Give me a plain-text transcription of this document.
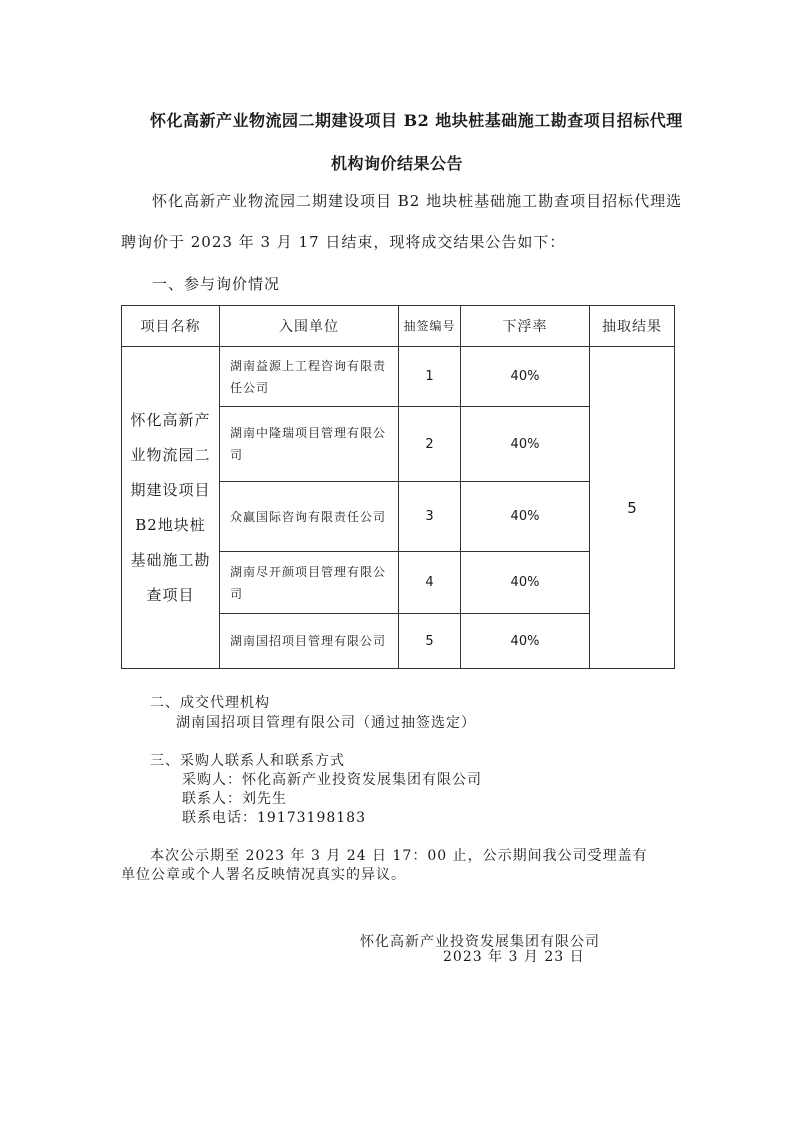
怀化高新产业物流园二期建设项目 B2 地块桩基础施工勘查项目招标代理
机构询价结果公告
怀化高新产业物流园二期建设项目 B2 地块桩基础施工勘查项目招标代理选
聘询价于 2023 年 3 月 17 日结束，现将成交结果公告如下：
一、参与询价情况
项目名称	入围单位	抽签编号	下浮率	抽取结果
怀化高新产业物流园二期建设项目B2地块桩基础施工勘查项目	湖南益源上工程咨询有限责任公司	1	40%	5
	湖南中隆瑞项目管理有限公司	2	40%	
	众赢国际咨询有限责任公司	3	40%	
	湖南尽开颜项目管理有限公司	4	40%	
	湖南国招项目管理有限公司	5	40%	
二、成交代理机构
湖南国招项目管理有限公司（通过抽签选定）
三、采购人联系人和联系方式
采购人：怀化高新产业投资发展集团有限公司
联系人：刘先生
联系电话：19173198183
本次公示期至 2023 年 3 月 24 日 17：00 止，公示期间我公司受理盖有
单位公章或个人署名反映情况真实的异议。
怀化高新产业投资发展集团有限公司
2023 年 3 月 23 日
